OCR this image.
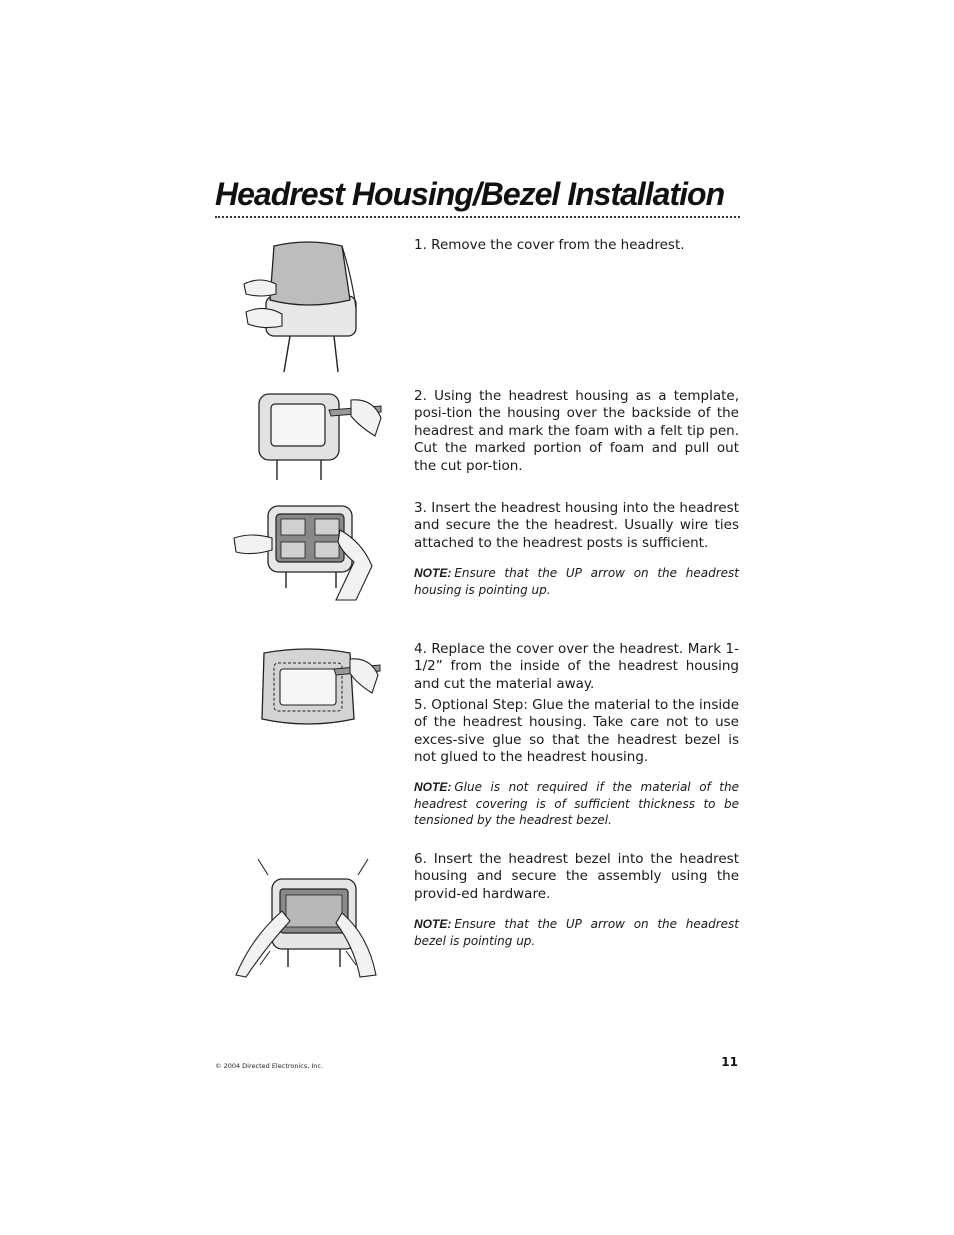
Headrest Housing/Bezel Installation

1. Remove the cover from the headrest.

2. Using the headrest housing as a template, posi-tion the housing over the backside of the headrest and mark the foam with a felt tip pen. Cut the marked portion of foam and pull out the cut por-tion.

3. Insert the headrest housing into the headrest and secure the the headrest. Usually wire ties attached to the headrest posts is sufficient.

NOTE: Ensure that the UP arrow on the headrest housing is pointing up.

4. Replace the cover over the headrest. Mark 1-1/2” from the inside of the headrest housing and cut the material away.

5. Optional Step: Glue the material to the inside of the headrest housing. Take care not to use exces-sive glue so that the headrest bezel is not glued to the headrest housing.

NOTE: Glue is not required if the material of the headrest covering is of sufficient thickness to be tensioned by the headrest bezel.

6. Insert the headrest bezel into the headrest housing and secure the assembly using the provid-ed hardware.

NOTE: Ensure that the UP arrow on the headrest bezel is pointing up.

© 2004 Directed Electronics, Inc.	11
